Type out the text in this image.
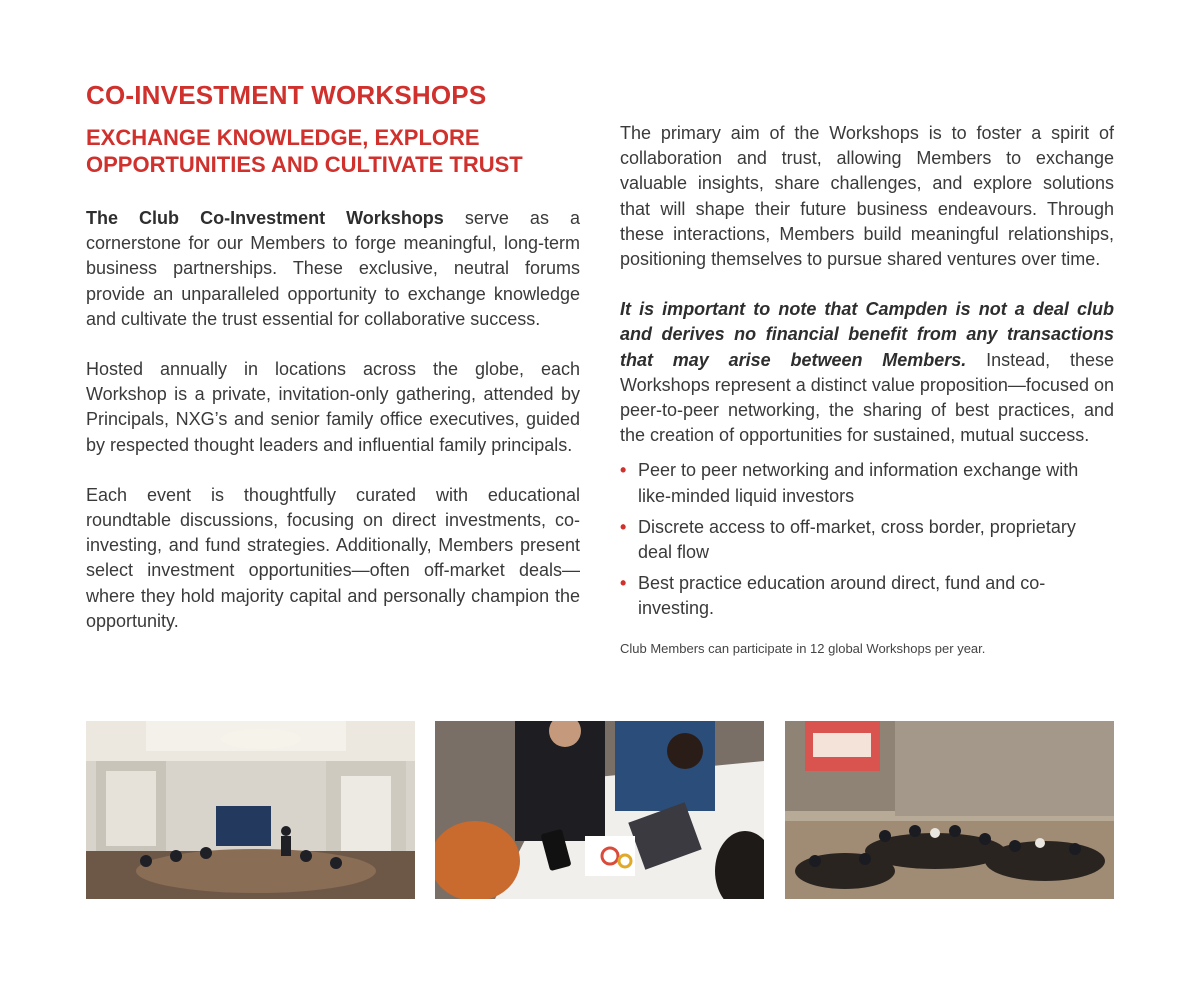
CO-INVESTMENT WORKSHOPS
EXCHANGE KNOWLEDGE, EXPLORE OPPORTUNITIES AND CULTIVATE TRUST

The Club Co-Investment Workshops serve as a cornerstone for our Members to forge meaningful, long-term business partnerships. These exclusive, neutral forums provide an unparalleled opportunity to exchange knowledge and cultivate the trust essential for collaborative success.

Hosted annually in locations across the globe, each Workshop is a private, invitation-only gathering, attended by Principals, NXG’s and senior family office executives, guided by respected thought leaders and influential family principals.

Each event is thoughtfully curated with educational roundtable discussions, focusing on direct investments, co-investing, and fund strategies. Additionally, Members present select investment opportunities—often off-market deals—where they hold majority capital and personally champion the opportunity.

The primary aim of the Workshops is to foster a spirit of collaboration and trust, allowing Members to exchange valuable insights, share challenges, and explore solutions that will shape their future business endeavours. Through these interactions, Members build meaningful relationships, positioning themselves to pursue shared ventures over time.

It is important to note that Campden is not a deal club and derives no financial benefit from any transactions that may arise between Members. Instead, these Workshops represent a distinct value proposition—focused on peer-to-peer networking, the sharing of best practices, and the creation of opportunities for sustained, mutual success.

• Peer to peer networking and information exchange with like-minded liquid investors
• Discrete access to off-market, cross border, proprietary deal flow
• Best practice education around direct, fund and co-investing.
Club Members can participate in 12 global Workshops per year.
